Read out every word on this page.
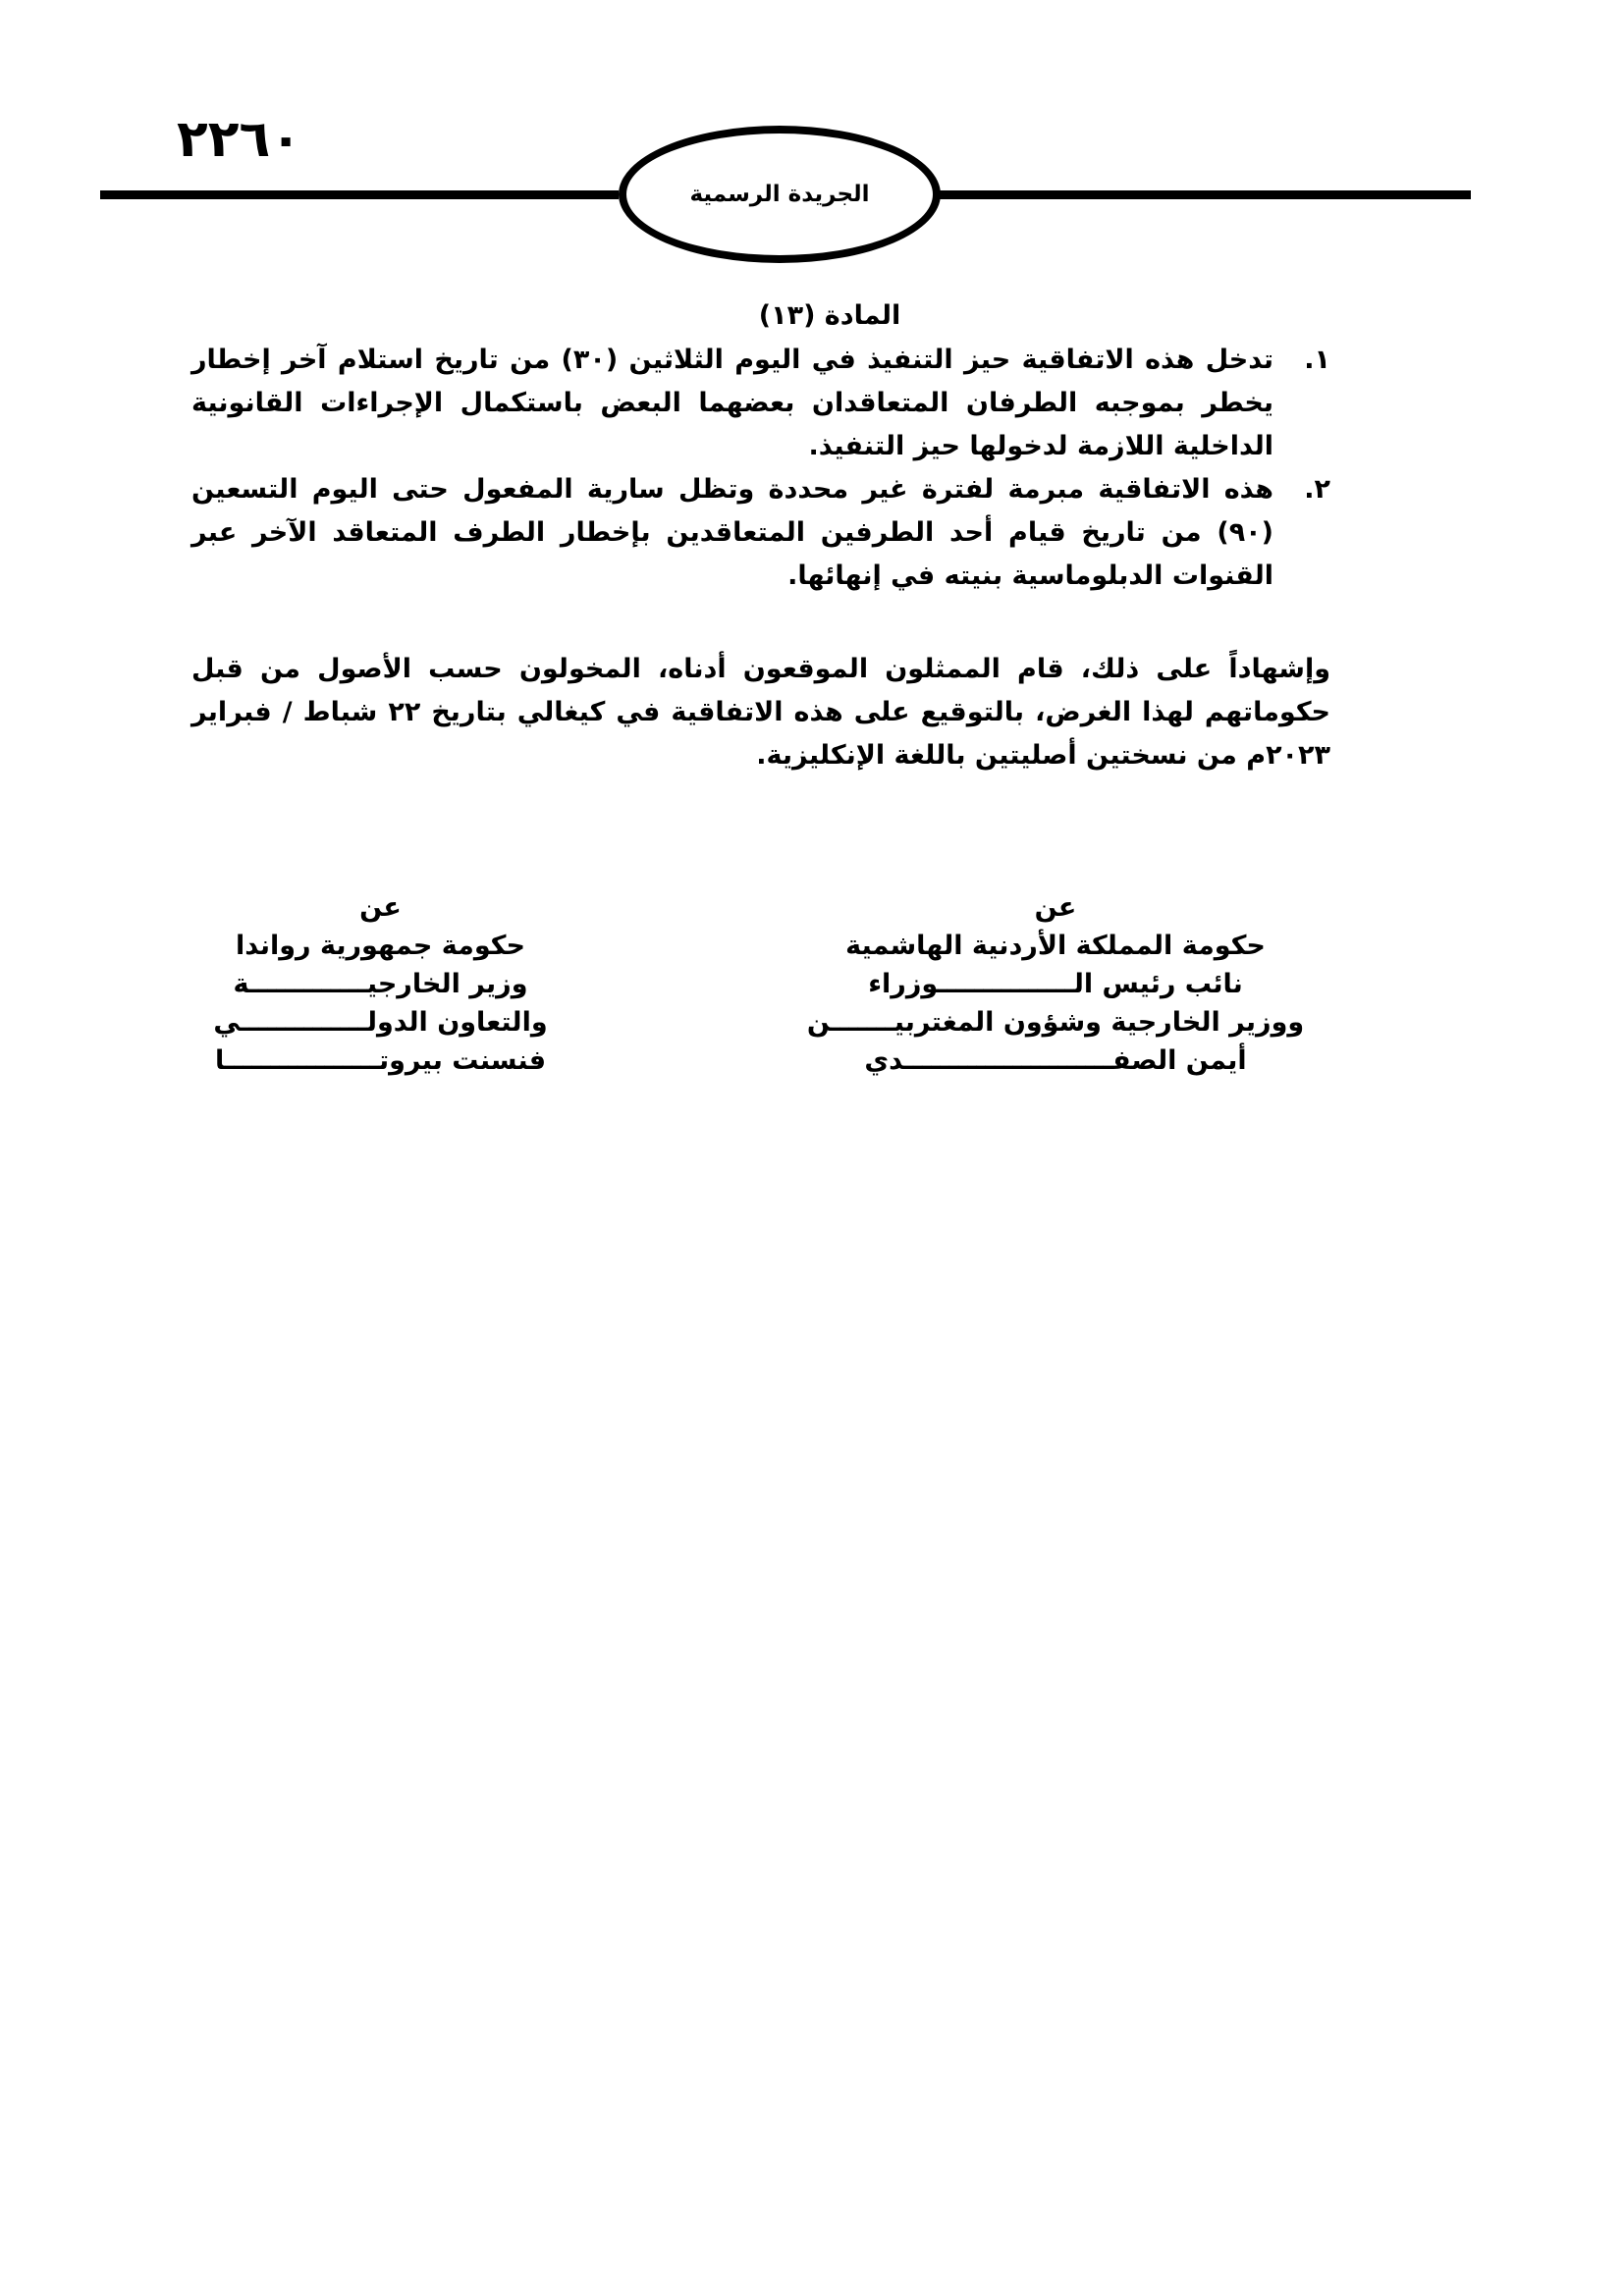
٢٢٦٠
الجريدة الرسمية
المادة (١٣)
١.
تدخل هذه الاتفاقية حيز التنفيذ في اليوم الثلاثين (٣٠) من تاريخ استلام آخر إخطار يخطر بموجبه الطرفان المتعاقدان بعضهما البعض باستكمال الإجراءات القانونية الداخلية اللازمة لدخولها حيز التنفيذ.
٢.
هذه الاتفاقية مبرمة لفترة غير محددة وتظل سارية المفعول حتى اليوم التسعين (٩٠) من تاريخ قيام أحد الطرفين المتعاقدين بإخطار الطرف المتعاقد الآخر عبر القنوات الدبلوماسية بنيته في إنهائها.

وإشهاداً على ذلك، قام الممثلون الموقعون أدناه، المخولون حسب الأصول من قبل حكوماتهم لهذا الغرض، بالتوقيع على هذه الاتفاقية في كيغالي بتاريخ ٢٢ شباط / فبراير ٢٠٢٣م من نسختين أصليتين باللغة الإنكليزية.

عن
حكومة المملكة الأردنية الهاشمية
نائب رئيس الـــــــــــــــوزراء
ووزير الخارجية وشؤون المغتربيـــــــن
أيمن الصفـــــــــــــــــــــــدي
عن
حكومة جمهورية رواندا
وزير الخارجيـــــــــــــة
والتعاون الدولــــــــــــــي
فنسنت بيروتـــــــــــــــــا
